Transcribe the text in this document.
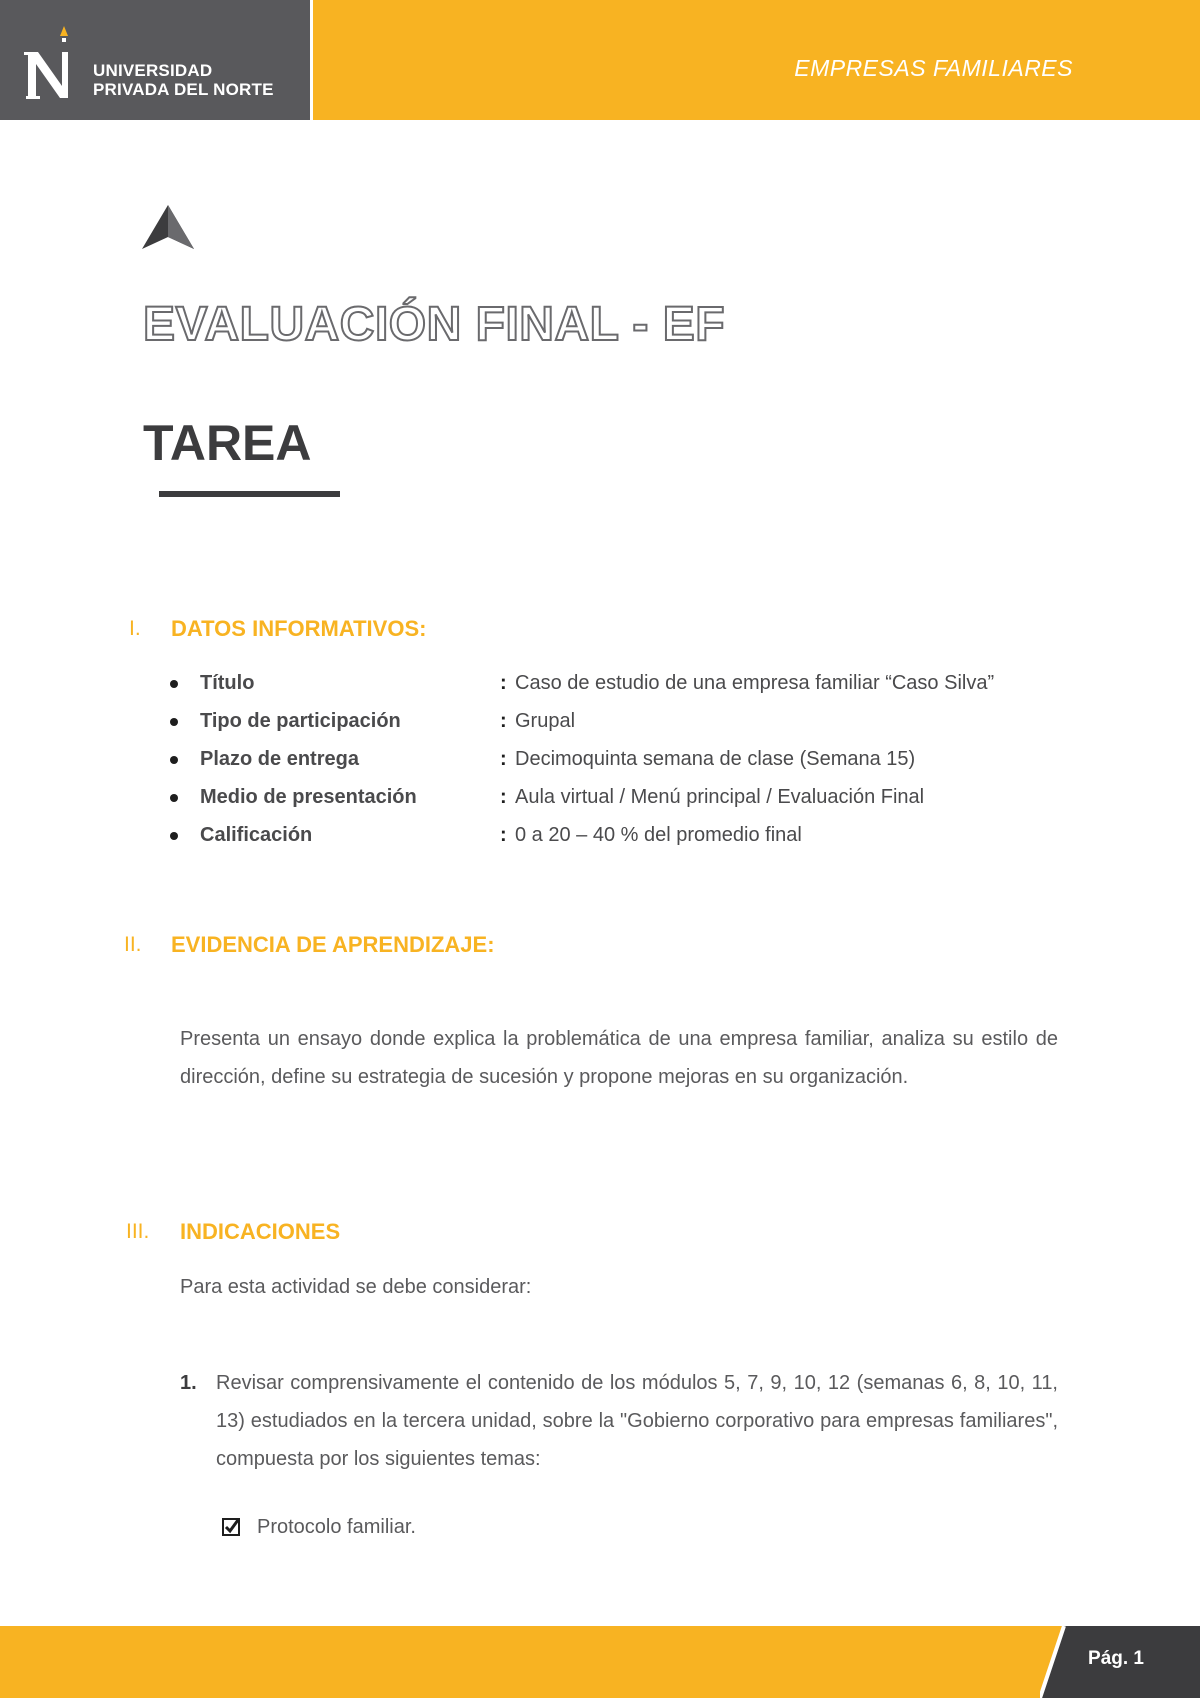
UNIVERSIDAD
PRIVADA DEL NORTE
EMPRESAS FAMILIARES
EVALUACIÓN FINAL - EF
TAREA
I. DATOS INFORMATIVOS:
Título	: Caso de estudio de una empresa familiar “Caso Silva”
Tipo de participación	: Grupal
Plazo de entrega	: Decimoquinta semana de clase (Semana 15)
Medio de presentación	: Aula virtual / Menú principal / Evaluación Final
Calificación	: 0 a 20 – 40 % del promedio final
II. EVIDENCIA DE APRENDIZAJE:
Presenta un ensayo donde explica la problemática de una empresa familiar, analiza su estilo de dirección, define su estrategia de sucesión y propone mejoras en su organización.
III. INDICACIONES
Para esta actividad se debe considerar:
1. Revisar comprensivamente el contenido de los módulos 5, 7, 9, 10, 12 (semanas 6, 8, 10, 11, 13) estudiados en la tercera unidad, sobre la "Gobierno corporativo para empresas familiares", compuesta por los siguientes temas:
Protocolo familiar.
Pág. 1
